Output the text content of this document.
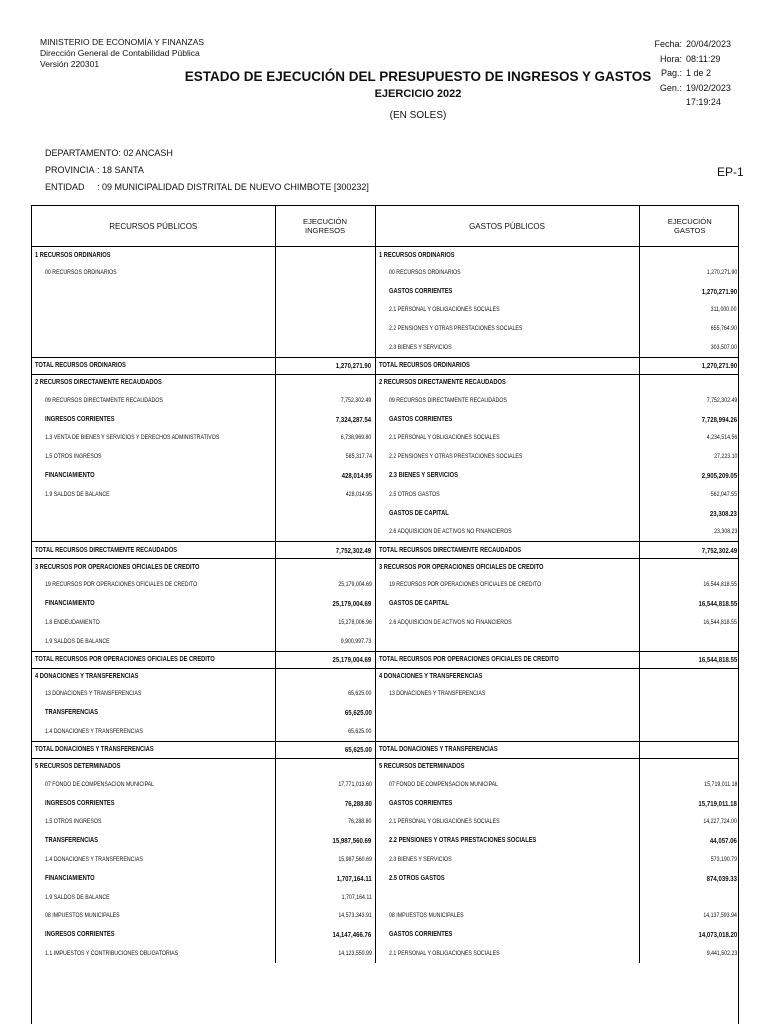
MINISTERIO DE ECONOMÍA Y FINANZAS
Dirección General de Contabilidad Pública
Versión 220301
Fecha: 20/04/2023
Hora: 08:11:29
Pag.: 1 de 2
Gen.: 19/02/2023 17:19:24
ESTADO DE EJECUCIÓN DEL PRESUPUESTO DE INGRESOS Y GASTOS
EJERCICIO 2022
(EN SOLES)
DEPARTAMENTO:
02 ANCASH
PROVINCIA : 18 SANTA
ENTIDAD	: 09 MUNICIPALIDAD DISTRITAL DE NUEVO CHIMBOTE [300232]
EP-1
RECURSOS PÚBLICOS	EJECUCIÓN
INGRESOS	GASTOS PÚBLICOS	EJECUCIÓN
GASTOS
1 RECURSOS ORDINARIOS		1 RECURSOS ORDINARIOS	
00 RECURSOS ORDINARIOS		00 RECURSOS ORDINARIOS	1,270,271.90
		GASTOS CORRIENTES	1,270,271.90
		2.1 PERSONAL Y OBLIGACIONES SOCIALES	311,000.00
		2.2 PENSIONES Y OTRAS PRESTACIONES SOCIALES	655,764.90
		2.3 BIENES Y SERVICIOS	303,507.00
TOTAL RECURSOS ORDINARIOS	1,270,271.90	TOTAL RECURSOS ORDINARIOS	1,270,271.90
2 RECURSOS DIRECTAMENTE RECAUDADOS		2 RECURSOS DIRECTAMENTE RECAUDADOS	
09 RECURSOS DIRECTAMENTE RECAUDADOS	7,752,302.49	09 RECURSOS DIRECTAMENTE RECAUDADOS	7,752,302.49
INGRESOS CORRIENTES	7,324,287.54	GASTOS CORRIENTES	7,728,994.26
1.3 VENTA DE BIENES Y SERVICIOS Y DERECHOS ADMINISTRATIVOS	6,738,969.80	2.1 PERSONAL Y OBLIGACIONES SOCIALES	4,234,514.56
1.5 OTROS INGRESOS	585,317.74	2.2 PENSIONES Y OTRAS PRESTACIONES SOCIALES	27,223.10
FINANCIAMIENTO	428,014.95	2.3 BIENES Y SERVICIOS	2,905,209.05
1.9 SALDOS DE BALANCE	428,014.95	2.5 OTROS GASTOS	562,047.55
		GASTOS DE CAPITAL	23,308.23
		2.6 ADQUISICION DE ACTIVOS NO FINANCIEROS	23,308.23
TOTAL RECURSOS DIRECTAMENTE RECAUDADOS	7,752,302.49	TOTAL RECURSOS DIRECTAMENTE RECAUDADOS	7,752,302.49
3 RECURSOS POR OPERACIONES OFICIALES DE CREDITO		3 RECURSOS POR OPERACIONES OFICIALES DE CREDITO	
19 RECURSOS POR OPERACIONES OFICIALES DE CREDITO	25,179,004.69	19 RECURSOS POR OPERACIONES OFICIALES DE CREDITO	16,544,818.55
FINANCIAMIENTO	25,179,004.69	GASTOS DE CAPITAL	16,544,818.55
1.8 ENDEUDAMIENTO	15,278,006.96	2.6 ADQUISICION DE ACTIVOS NO FINANCIEROS	16,544,818.55
1.9 SALDOS DE BALANCE	9,900,997.73		
TOTAL RECURSOS POR OPERACIONES OFICIALES DE CREDITO	25,179,004.69	TOTAL RECURSOS POR OPERACIONES OFICIALES DE CREDITO	16,544,818.55
4 DONACIONES Y TRANSFERENCIAS		4 DONACIONES Y TRANSFERENCIAS	
13 DONACIONES Y TRANSFERENCIAS	65,625.00	13 DONACIONES Y TRANSFERENCIAS	
TRANSFERENCIAS	65,625.00		
1.4 DONACIONES Y TRANSFERENCIAS	65,625.00		
TOTAL DONACIONES Y TRANSFERENCIAS	65,625.00	TOTAL DONACIONES Y TRANSFERENCIAS	
5 RECURSOS DETERMINADOS		5 RECURSOS DETERMINADOS	
07 FONDO DE COMPENSACION MUNICIPAL	17,771,013.60	07 FONDO DE COMPENSACION MUNICIPAL	15,719,011.18
INGRESOS CORRIENTES	76,288.80	GASTOS CORRIENTES	15,719,011.18
1.5 OTROS INGRESOS	76,288.80	2.1 PERSONAL Y OBLIGACIONES SOCIALES	14,227,724.00
TRANSFERENCIAS	15,987,560.69	2.2 PENSIONES Y OTRAS PRESTACIONES SOCIALES	44,057.06
1.4 DONACIONES Y TRANSFERENCIAS	15,987,560.69	2.3 BIENES Y SERVICIOS	573,190.79
FINANCIAMIENTO	1,707,164.11	2.5 OTROS GASTOS	874,039.33
1.9 SALDOS DE BALANCE	1,707,164.11		
08 IMPUESTOS MUNICIPALES	14,573,343.91	08 IMPUESTOS MUNICIPALES	14,137,593.94
INGRESOS CORRIENTES	14,147,466.76	GASTOS CORRIENTES	14,073,018.20
1.1 IMPUESTOS Y CONTRIBUCIONES OBLIGATORIAS	14,123,550.99	2.1 PERSONAL Y OBLIGACIONES SOCIALES	9,441,502.23
